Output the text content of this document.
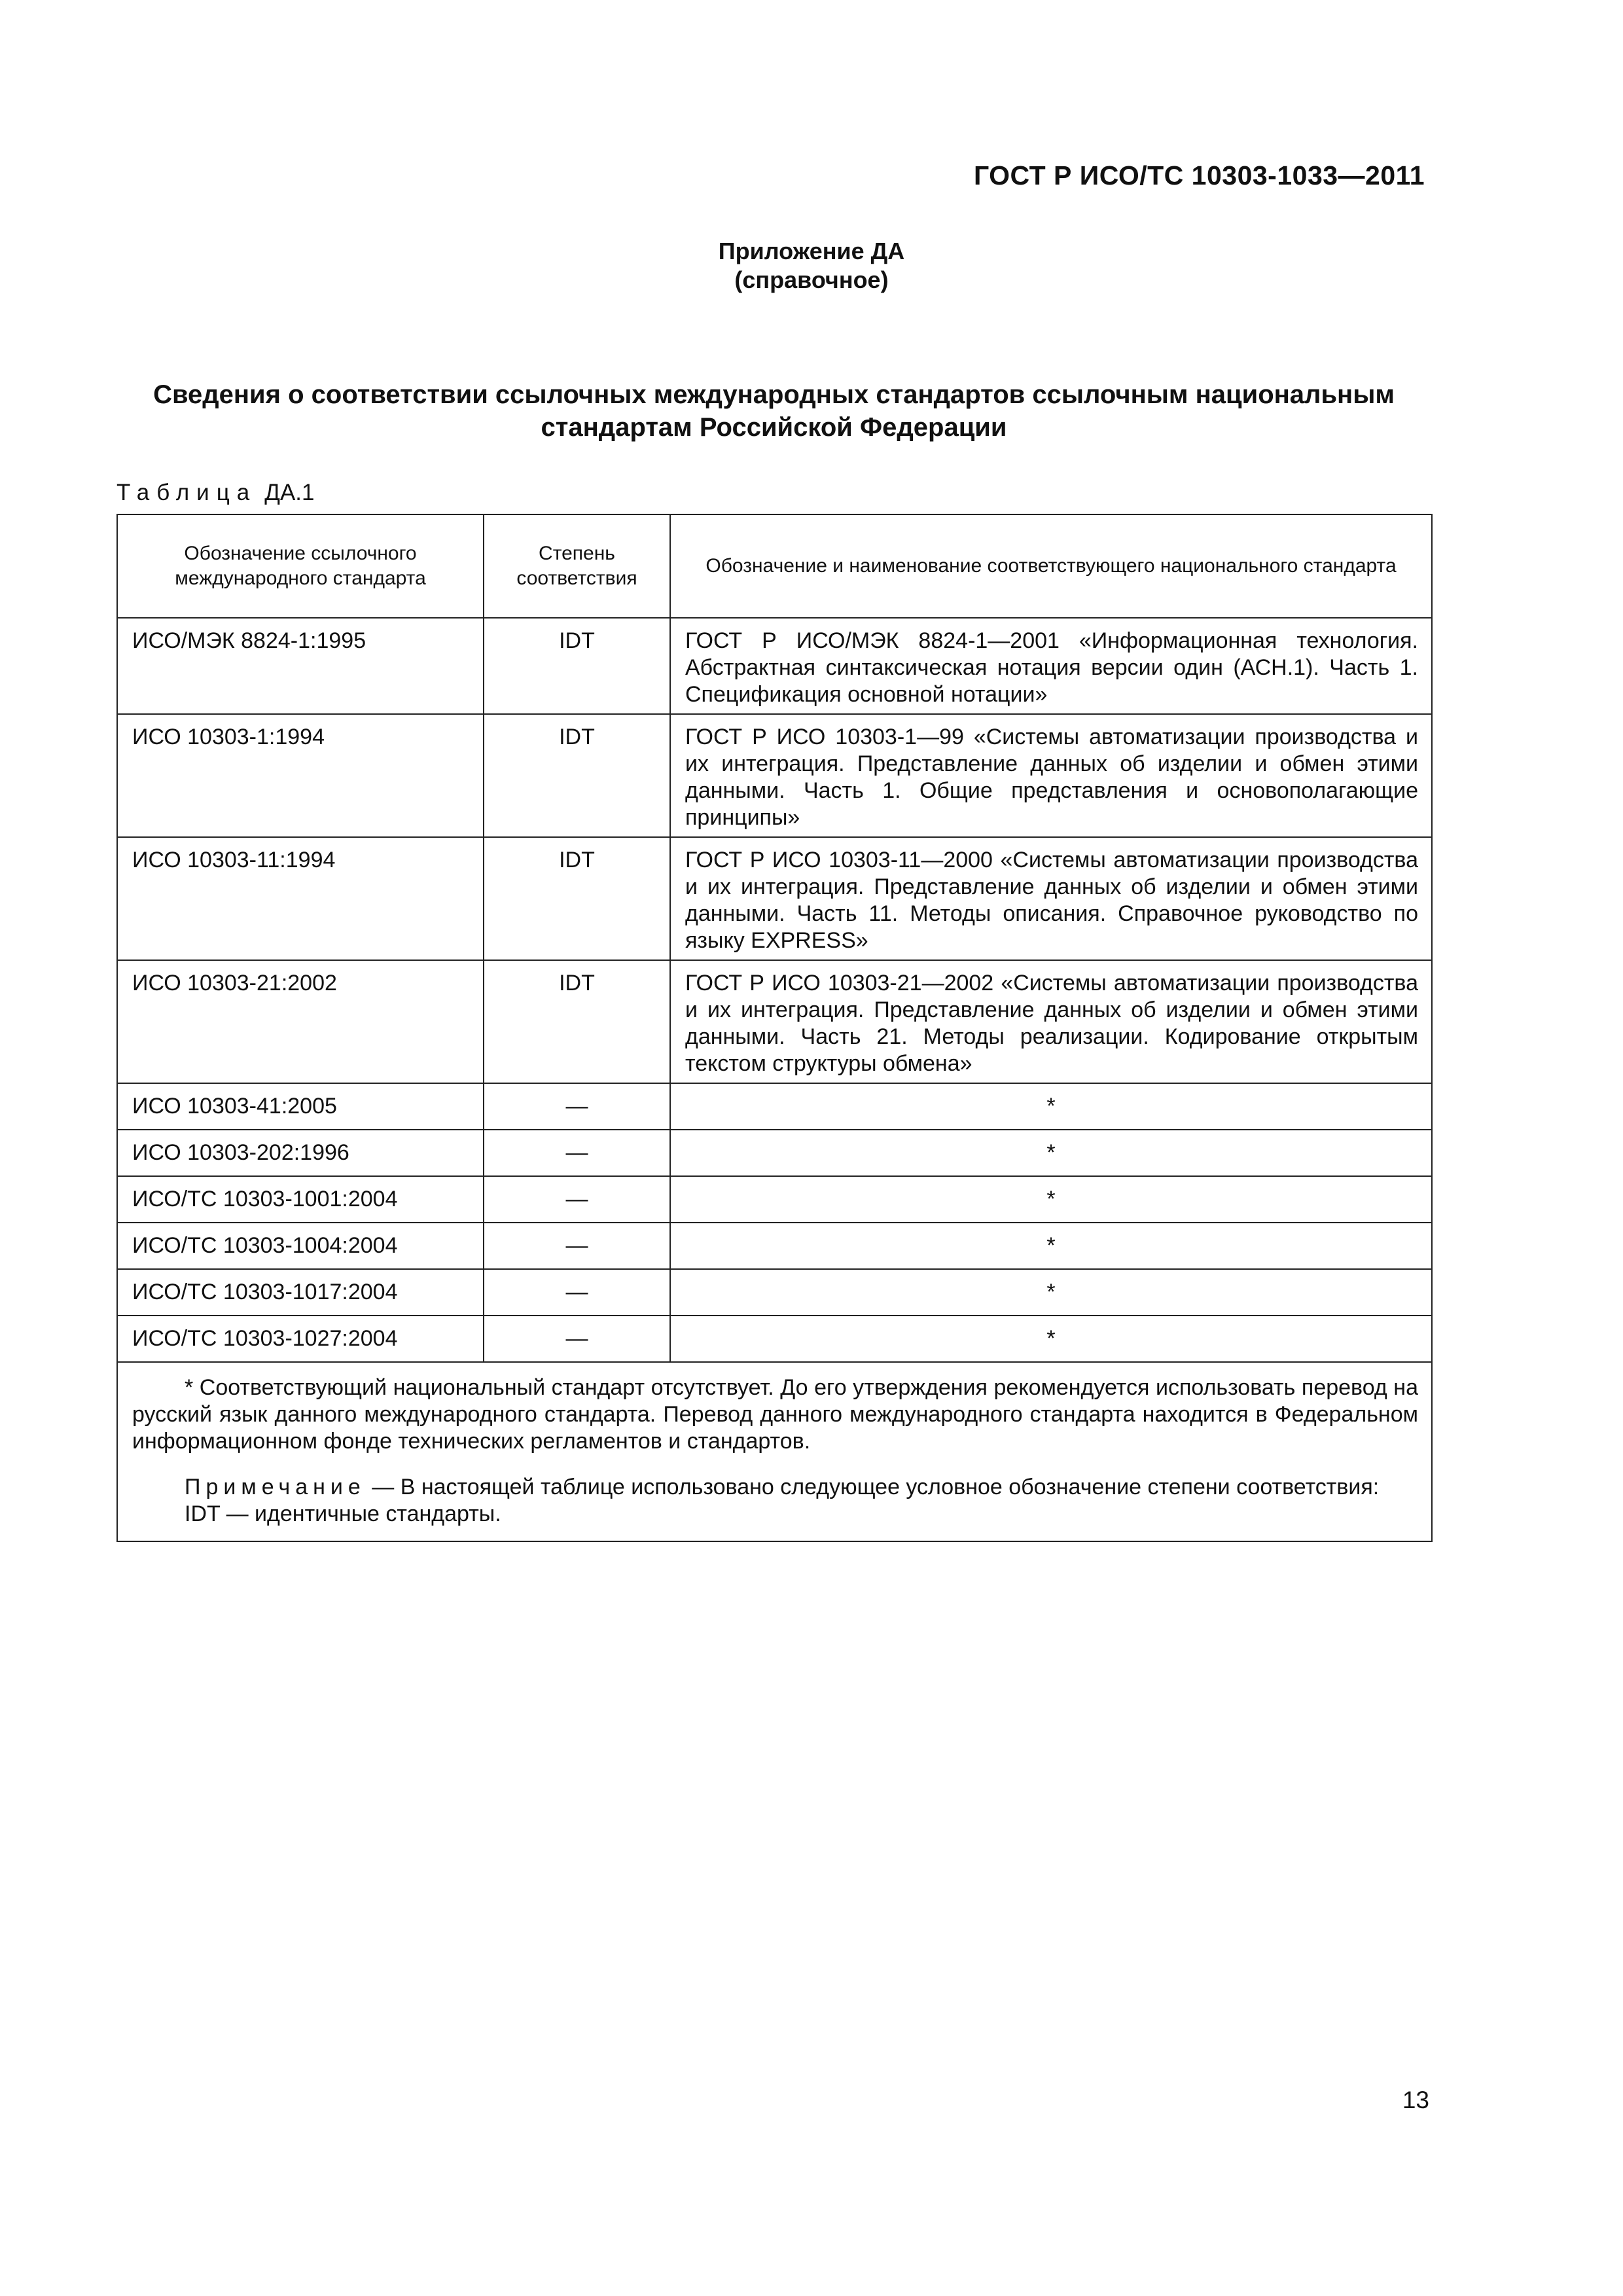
ГОСТ Р ИСО/ТС 10303-1033—2011
Приложение ДА
(справочное)
Сведения о соответствии ссылочных международных стандартов ссылочным национальным
стандартам Российской Федерации
Таблица ДА.1
Обозначение ссылочного международного стандарта	Степень соответствия	Обозначение и наименование соответствующего национального стандарта
ИСО/МЭК 8824-1:1995	IDT	ГОСТ Р ИСО/МЭК 8824-1—2001 «Информационная технология. Абстрактная синтаксическая нотация версии один (АСН.1). Часть 1. Спецификация основной нотации»
ИСО 10303-1:1994	IDT	ГОСТ Р ИСО 10303-1—99 «Системы автоматизации производства и их интеграция. Представление данных об изделии и обмен этими данными. Часть 1. Общие представления и основополагающие принципы»
ИСО 10303-11:1994	IDT	ГОСТ Р ИСО 10303-11—2000 «Системы автоматизации производства и их интеграция. Представление данных об изделии и обмен этими данными. Часть 11. Методы описания. Справочное руководство по языку EXPRESS»
ИСО 10303-21:2002	IDT	ГОСТ Р ИСО 10303-21—2002 «Системы автоматизации производства и их интеграция. Представление данных об изделии и обмен этими данными. Часть 21. Методы реализации. Кодирование открытым текстом структуры обмена»
ИСО 10303-41:2005	—	*
ИСО 10303-202:1996	—	*
ИСО/ТС 10303-1001:2004	—	*
ИСО/ТС 10303-1004:2004	—	*
ИСО/ТС 10303-1017:2004	—	*
ИСО/ТС 10303-1027:2004	—	*

* Соответствующий национальный стандарт отсутствует. До его утверждения рекомендуется использовать перевод на русский язык данного международного стандарта. Перевод данного международного стандарта находится в Федеральном информационном фонде технических регламентов и стандартов.

Примечание — В настоящей таблице использовано следующее условное обозначение степени соответствия:

IDT — идентичные стандарты.		

13
